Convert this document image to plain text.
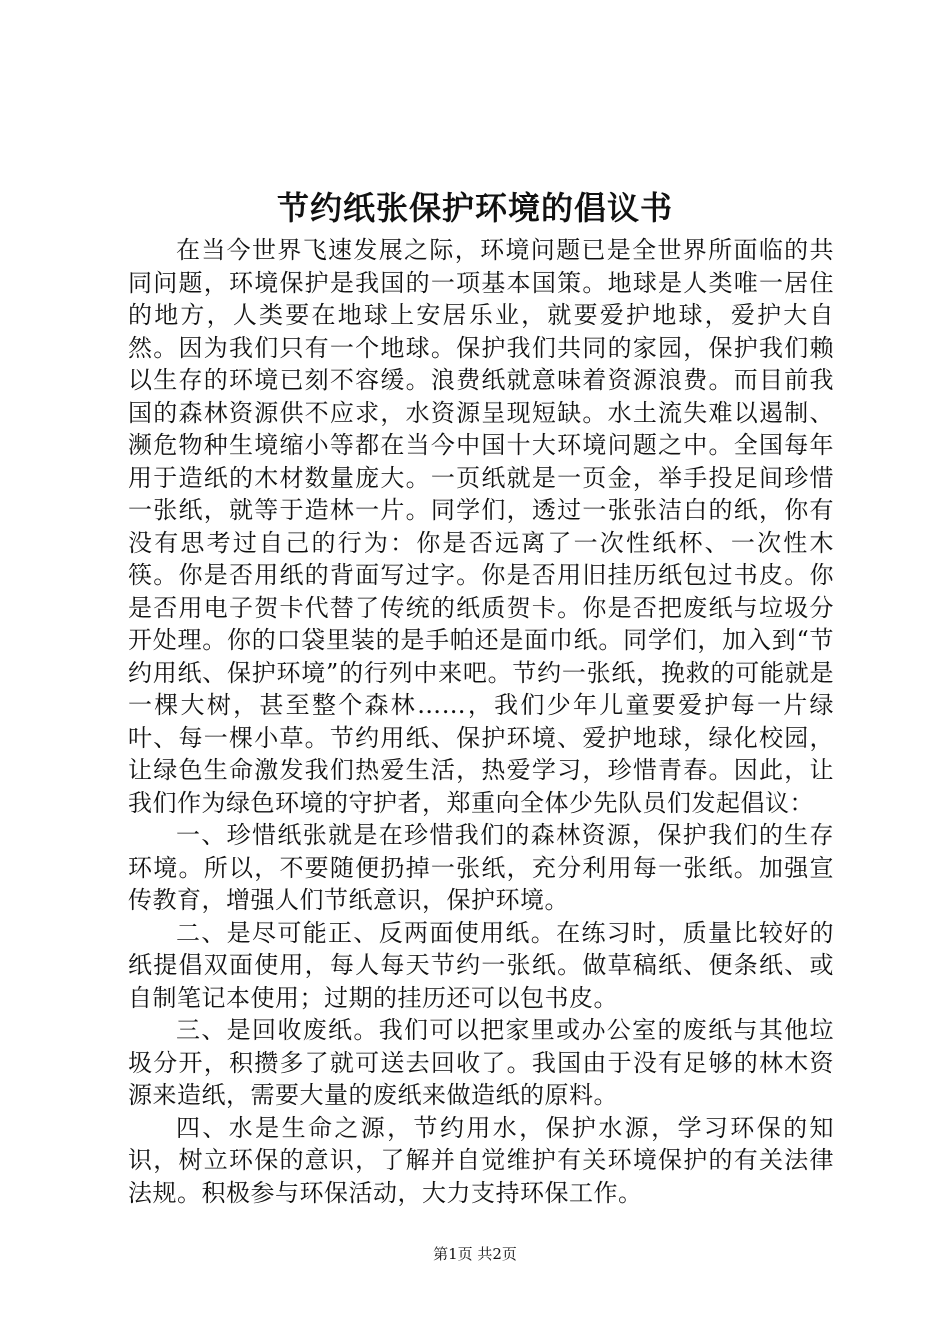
节约纸张保护环境的倡议书

在当今世界飞速发展之际，环境问题已是全世界所面临的共同问题，环境保护是我国的一项基本国策。地球是人类唯一居住的地方，人类要在地球上安居乐业，就要爱护地球，爱护大自然。因为我们只有一个地球。保护我们共同的家园，保护我们赖以生存的环境已刻不容缓。浪费纸就意味着资源浪费。而目前我国的森林资源供不应求，水资源呈现短缺。水土流失难以遏制、濒危物种生境缩小等都在当今中国十大环境问题之中。全国每年用于造纸的木材数量庞大。一页纸就是一页金，举手投足间珍惜一张纸，就等于造林一片。同学们，透过一张张洁白的纸，你有没有思考过自己的行为：你是否远离了一次性纸杯、一次性木筷。你是否用纸的背面写过字。你是否用旧挂历纸包过书皮。你是否用电子贺卡代替了传统的纸质贺卡。你是否把废纸与垃圾分开处理。你的口袋里装的是手帕还是面巾纸。同学们，加入到“节约用纸、保护环境”的行列中来吧。节约一张纸，挽救的可能就是一棵大树，甚至整个森林……，我们少年儿童要爱护每一片绿叶、每一棵小草。节约用纸、保护环境、爱护地球，绿化校园，让绿色生命激发我们热爱生活，热爱学习，珍惜青春。因此，让我们作为绿色环境的守护者，郑重向全体少先队员们发起倡议：

一、珍惜纸张就是在珍惜我们的森林资源，保护我们的生存环境。所以，不要随便扔掉一张纸，充分利用每一张纸。加强宣传教育，增强人们节纸意识，保护环境。

二、是尽可能正、反两面使用纸。在练习时，质量比较好的纸提倡双面使用，每人每天节约一张纸。做草稿纸、便条纸、或自制笔记本使用；过期的挂历还可以包书皮。

三、是回收废纸。我们可以把家里或办公室的废纸与其他垃圾分开，积攒多了就可送去回收了。我国由于没有足够的林木资源来造纸，需要大量的废纸来做造纸的原料。

四、水是生命之源，节约用水，保护水源，学习环保的知识，树立环保的意识，了解并自觉维护有关环境保护的有关法律法规。积极参与环保活动，大力支持环保工作。

第1页 共2页
